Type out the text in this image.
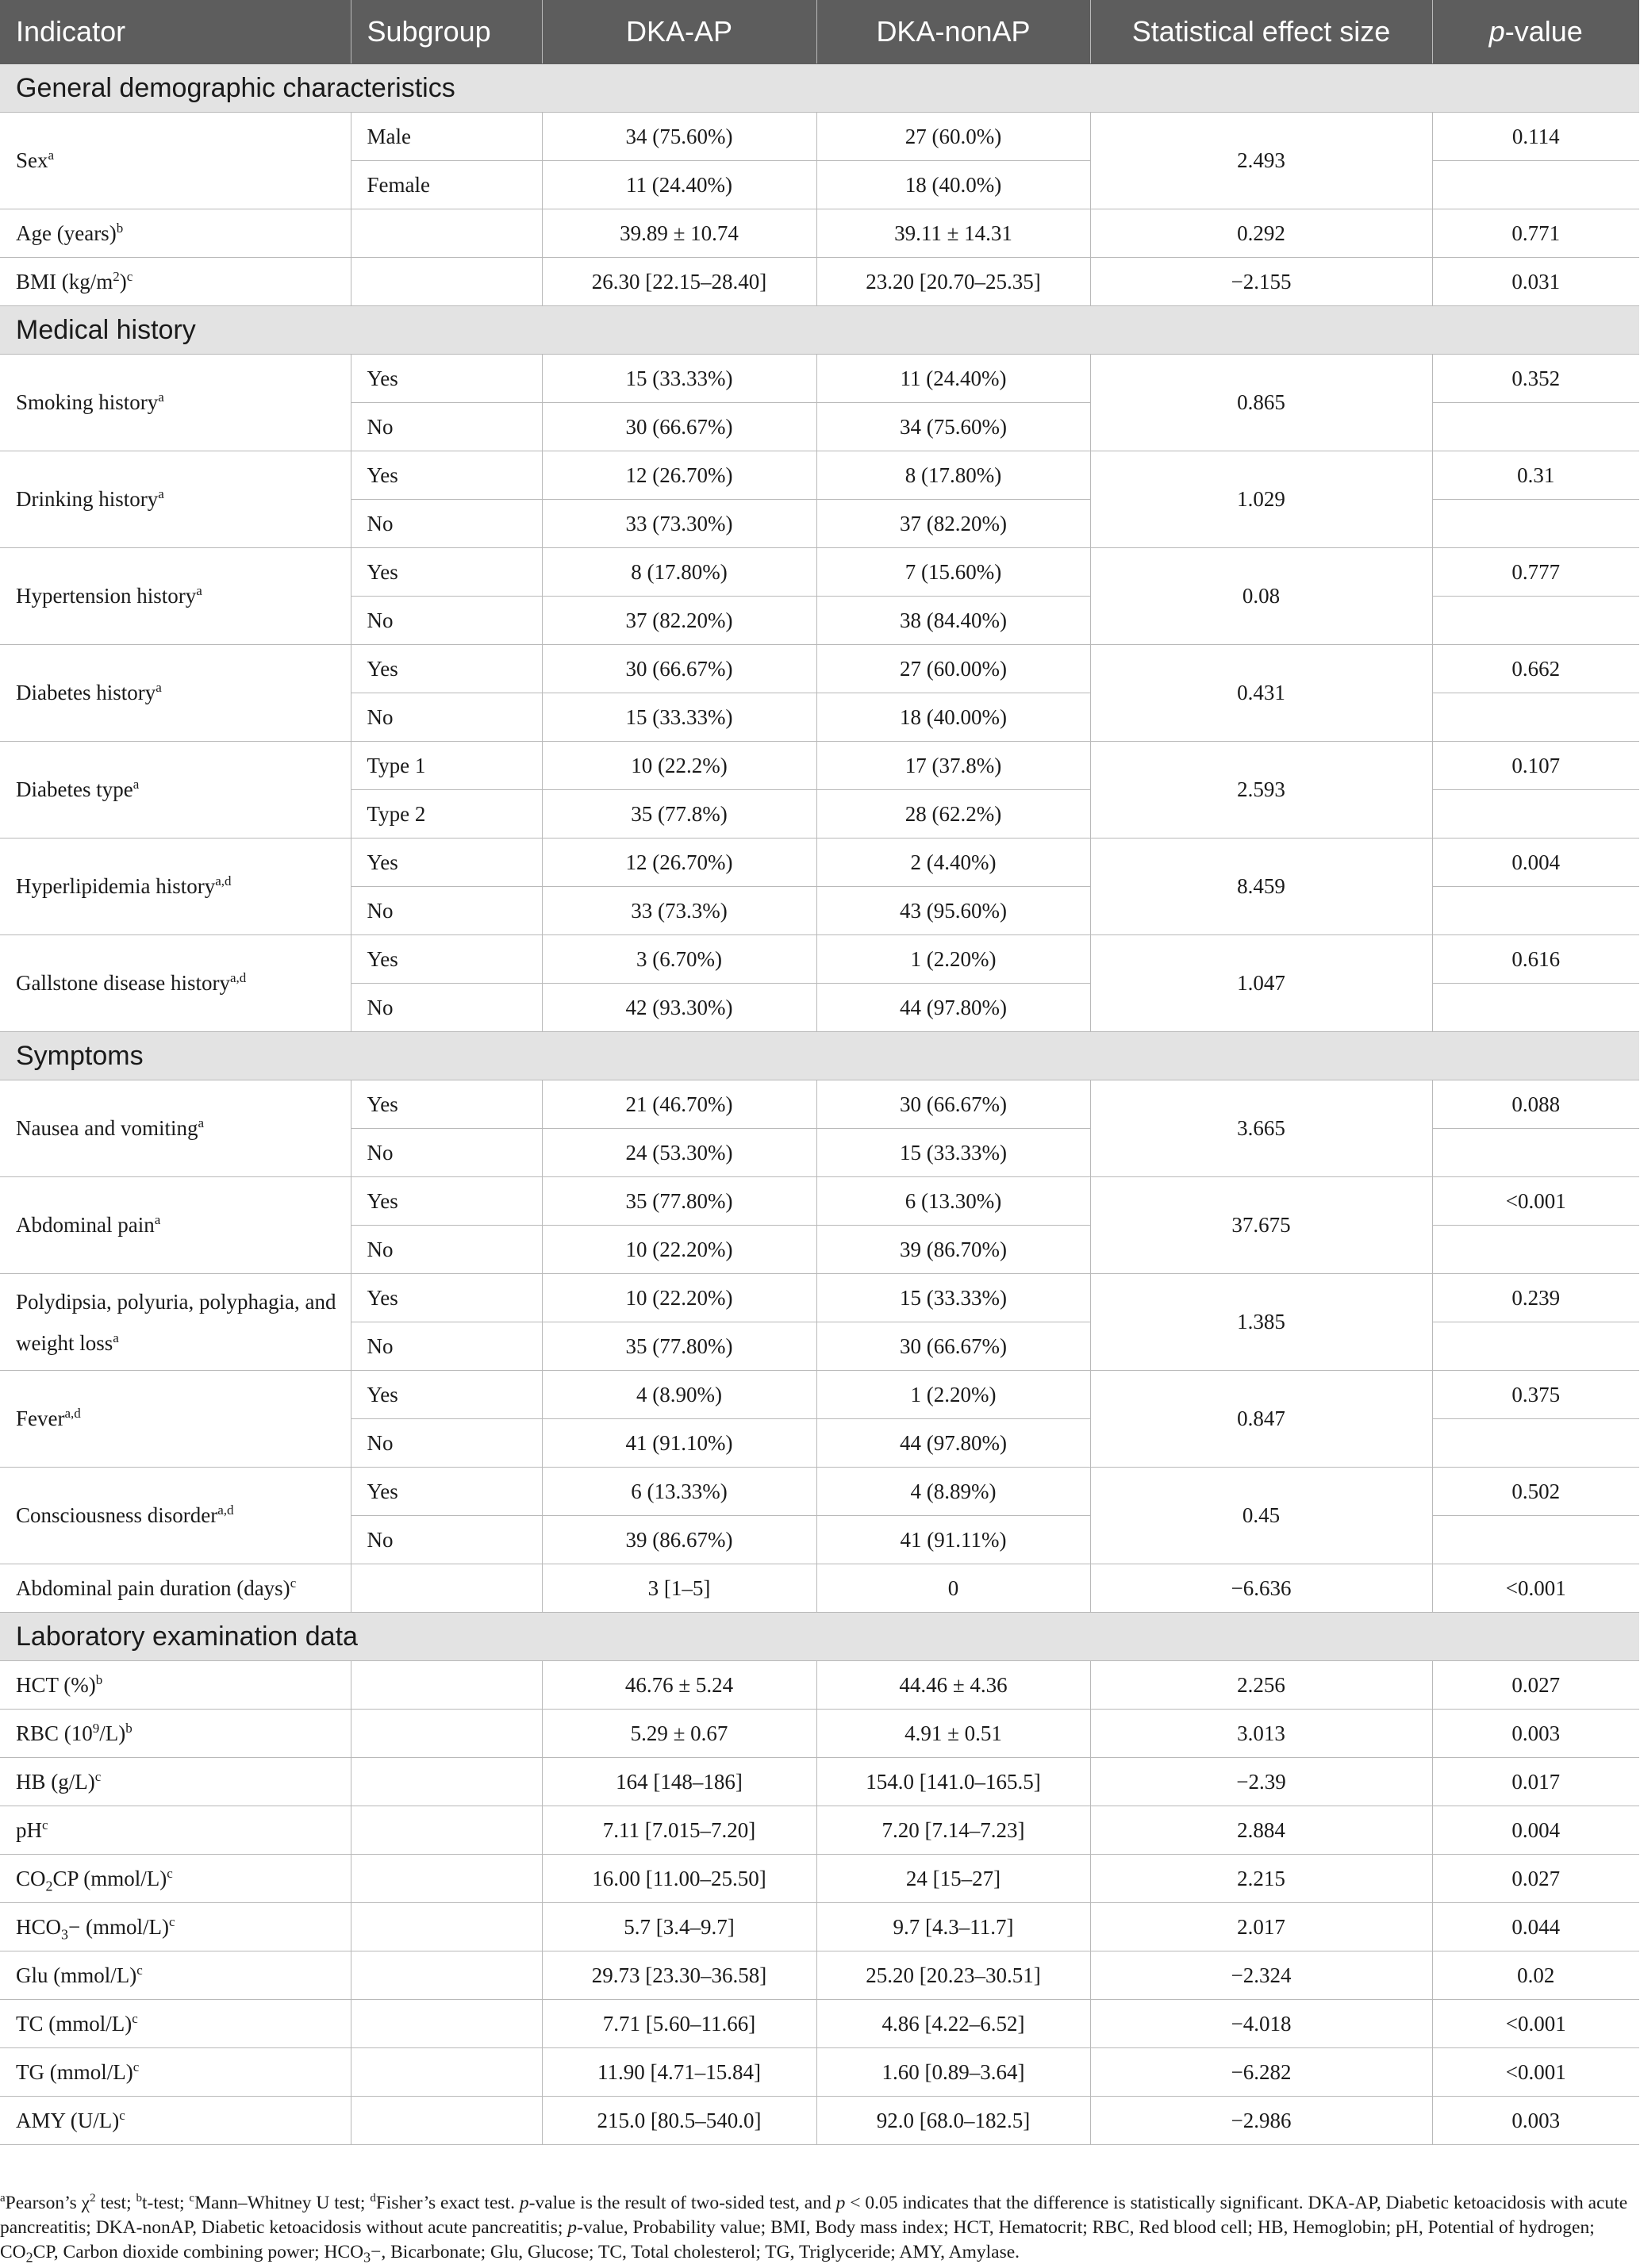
Indicator	Subgroup	DKA-AP	DKA-nonAP	Statistical effect size	p-value
General demographic characteristics					
Sex$^a$	Male	34 (75.60%)	27 (60.0%)	2.493	0.114
	Female	11 (24.40%)	18 (40.0%)		
Age (years)$^b$		39.89 ± 10.74	39.11 ± 14.31	0.292	0.771
BMI $(kg/m^2)^c$		26.30 [22.15–28.40]	23.20 [20.70–25.35]	−2.155	0.031
Medical history					
Smoking history$^a$	Yes	15 (33.33%)	11 (24.40%)	0.865	0.352
	No	30 (66.67%)	34 (75.60%)		
Drinking history$^a$	Yes	12 (26.70%)	8 (17.80%)	1.029	0.31
	No	33 (73.30%)	37 (82.20%)		
Hypertension history$^a$	Yes	8 (17.80%)	7 (15.60%)	0.08	0.777
	No	37 (82.20%)	38 (84.40%)		
Diabetes history$^a$	Yes	30 (66.67%)	27 (60.00%)	0.431	0.662
	No	15 (33.33%)	18 (40.00%)		
Diabetes type$^a$	Type 1	10 (22.2%)	17 (37.8%)	2.593	0.107
	Type 2	35 (77.8%)	28 (62.2%)		
Hyperlipidemia history$^{a,d}$	Yes	12 (26.70%)	2 (4.40%)	8.459	0.004
	No	33 (73.3%)	43 (95.60%)		
Gallstone disease history$^{a,d}$	Yes	3 (6.70%)	1 (2.20%)	1.047	0.616
	No	42 (93.30%)	44 (97.80%)		
Symptoms					
Nausea and vomiting$^a$	Yes	21 (46.70%)	30 (66.67%)	3.665	0.088
	No	24 (53.30%)	15 (33.33%)		
Abdominal pain$^a$	Yes	35 (77.80%)	6 (13.30%)	37.675	<0.001
	No	10 (22.20%)	39 (86.70%)		
Polydipsia, polyuria, polyphagia, and weight loss$^a$	Yes	10 (22.20%)	15 (33.33%)	1.385	0.239
	No	35 (77.80%)	30 (66.67%)		
Fever$^{a,d}$	Yes	4 (8.90%)	1 (2.20%)	0.847	0.375
	No	41 (91.10%)	44 (97.80%)		
Consciousness disorder$^{a,d}$	Yes	6 (13.33%)	4 (8.89%)	0.45	0.502
	No	39 (86.67%)	41 (91.11%)		
Abdominal pain duration (days)$^c$		3 [1–5]	0	−6.636	<0.001
Laboratory examination data					
HCT (%)$^b$		46.76 ± 5.24	44.46 ± 4.36	2.256	0.027
RBC $(10^9/L)^b$		5.29 ± 0.67	4.91 ± 0.51	3.013	0.003
HB $(g/L)^c$		164 [148–186]	154.0 [141.0–165.5]	−2.39	0.017
$pH^c$		7.11 [7.015–7.20]	7.20 [7.14–7.23]	2.884	0.004
$CO_2CP$ (mmol/L)$^c$		16.00 [11.00–25.50]	24 [15–27]	2.215	0.027
$HCO_3-$ (mmol/L)$^c$		5.7 [3.4–9.7]	9.7 [4.3–11.7]	2.017	0.044
Glu (mmol/L)$^c$		29.73 [23.30–36.58]	25.20 [20.23–30.51]	−2.324	0.02
TC (mmol/L)$^c$		7.71 [5.60–11.66]	4.86 [4.22–6.52]	−4.018	<0.001
TG (mmol/L)$^c$		11.90 [4.71–15.84]	1.60 [0.89–3.64]	−6.282	<0.001
AMY $(U/L)^c$		215.0 [80.5–540.0]	92.0 [68.0–182.5]	−2.986	0.003
$^a$Pearson’s $\chi^2$ test; $^b$t-test; $^c$Mann–Whitney U test; $^d$Fisher’s exact test. p-value is the result of two-sided test, and p < 0.05 indicates that the difference is statistically significant. DKA-AP, Diabetic ketoacidosis with acute pancreatitis; DKA-nonAP, Diabetic ketoacidosis without acute pancreatitis; p-value, Probability value; BMI, Body mass index; HCT, Hematocrit; RBC, Red blood cell; HB, Hemoglobin; pH, Potential of hydrogen; $CO_2CP$, Carbon dioxide combining power; $HCO_3-$, Bicarbonate; Glu, Glucose; TC, Total cholesterol; TG, Triglyceride; AMY, Amylase.
